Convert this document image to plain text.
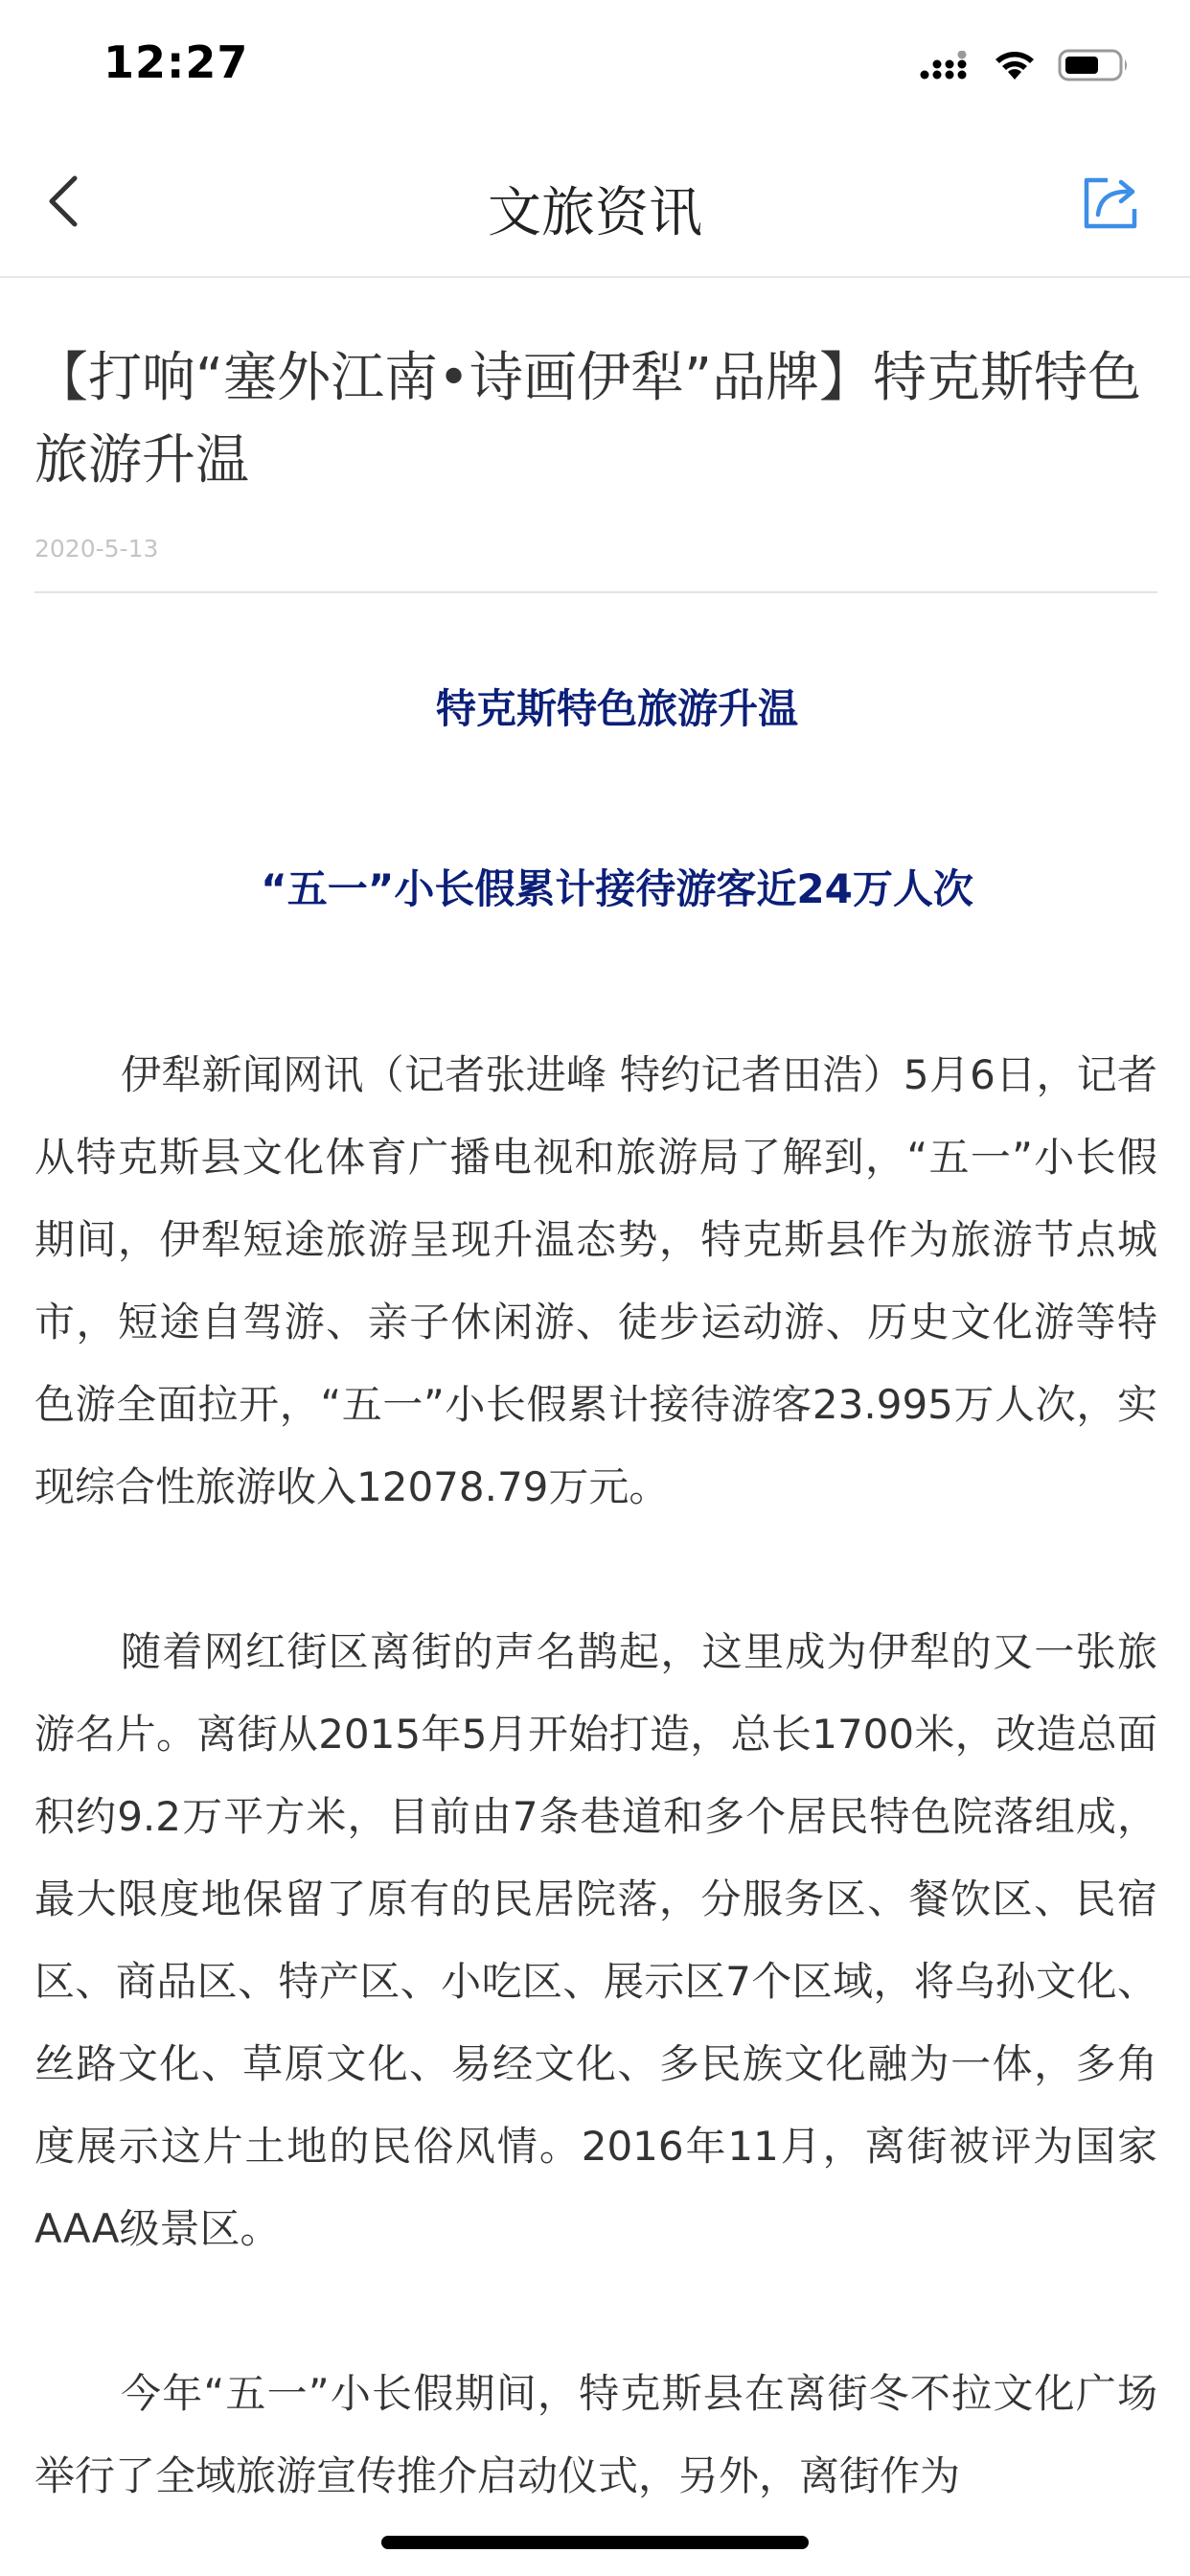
12:27
文旅资讯
【打响“塞外江南•诗画伊犁”品牌】特克斯特色旅游升温
2020-5-13
特克斯特色旅游升温
“五一”小长假累计接待游客近24万人次

伊犁新闻网讯（记者张进峰 特约记者田浩）5月6日，记者从特克斯县文化体育广播电视和旅游局了解到，“五一”小长假期间，伊犁短途旅游呈现升温态势，特克斯县作为旅游节点城市，短途自驾游、亲子休闲游、徒步运动游、历史文化游等特色游全面拉开，“五一”小长假累计接待游客23.995万人次，实现综合性旅游收入12078.79万元。

随着网红街区离街的声名鹊起，这里成为伊犁的又一张旅游名片。离街从2015年5月开始打造，总长1700米，改造总面积约9.2万平方米，目前由7条巷道和多个居民特色院落组成，最大限度地保留了原有的民居院落，分服务区、餐饮区、民宿区、商品区、特产区、小吃区、展示区7个区域，将乌孙文化、丝路文化、草原文化、易经文化、多民族文化融为一体，多角度展示这片土地的民俗风情。2016年11月，离街被评为国家AAA级景区。

今年“五一”小长假期间，特克斯县在离街冬不拉文化广场举行了全域旅游宣传推介启动仪式，另外，离街作为
